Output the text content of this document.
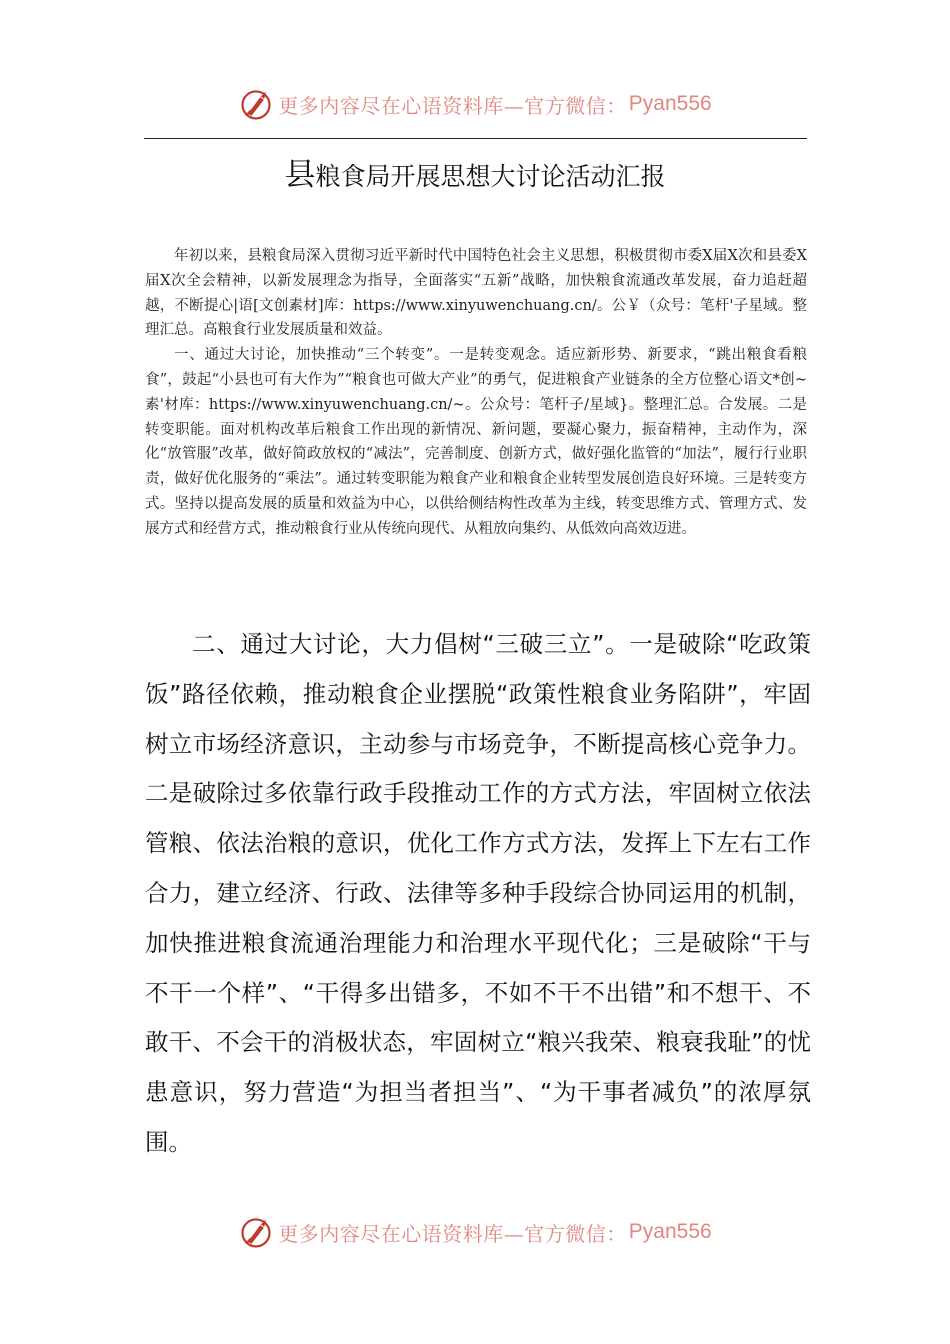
更多内容尽在心语资料库—官方微信： Pyan556
县粮食局开展思想大讨论活动汇报

年初以来，县粮食局深入贯彻习近平新时代中国特色社会主义思想，积极贯彻市委X届X次和县委X届X次全会精神，以新发展理念为指导，全面落实“五新”战略，加快粮食流通改革发展，奋力追赶超越，不断提心|语[文创素材]库：https://www.xinyuwenchuang.cn/。公￥（众号：笔杆'子星域。整理汇总。高粮食行业发展质量和效益。

一、通过大讨论，加快推动“三个转变”。一是转变观念。适应新形势、新要求，“跳出粮食看粮食”，鼓起“小县也可有大作为”“粮食也可做大产业”的勇气，促进粮食产业链条的全方位整心语文*创~素'材库：https://www.xinyuwenchuang.cn/~。公众号：笔杆子/星域}。整理汇总。合发展。二是转变职能。面对机构改革后粮食工作出现的新情况、新问题，要凝心聚力，振奋精神，主动作为，深化“放管服”改革，做好简政放权的“减法”，完善制度、创新方式，做好强化监管的“加法”，履行行业职责，做好优化服务的“乘法”。通过转变职能为粮食产业和粮食企业转型发展创造良好环境。三是转变方式。坚持以提高发展的质量和效益为中心，以供给侧结构性改革为主线，转变思维方式、管理方式、发展方式和经营方式，推动粮食行业从传统向现代、从粗放向集约、从低效向高效迈进。

二、通过大讨论，大力倡树“三破三立”。一是破除“吃政策饭”路径依赖，推动粮食企业摆脱“政策性粮食业务陷阱”，牢固树立市场经济意识，主动参与市场竞争，不断提高核心竞争力。二是破除过多依靠行政手段推动工作的方式方法，牢固树立依法管粮、依法治粮的意识，优化工作方式方法，发挥上下左右工作合力，建立经济、行政、法律等多种手段综合协同运用的机制，加快推进粮食流通治理能力和治理水平现代化；三是破除“干与不干一个样”、“干得多出错多，不如不干不出错”和不想干、不敢干、不会干的消极状态，牢固树立“粮兴我荣、粮衰我耻”的忧患意识，努力营造“为担当者担当”、“为干事者减负”的浓厚氛围。

更多内容尽在心语资料库—官方微信： Pyan556
